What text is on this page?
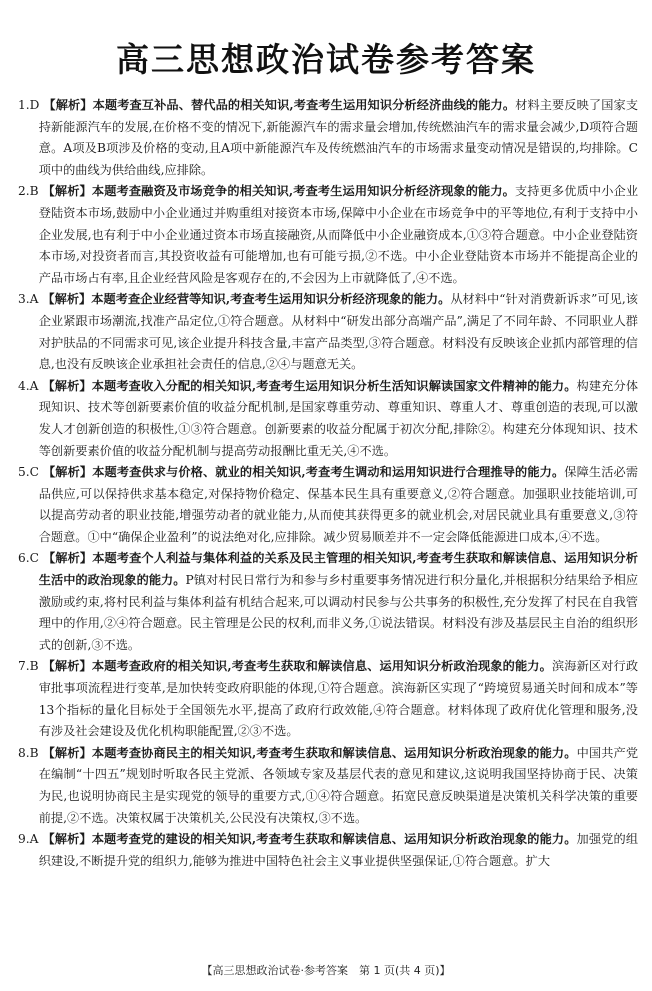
高三思想政治试卷参考答案

1.D 【解析】本题考查互补品、替代品的相关知识,考查考生运用知识分析经济曲线的能力。材料主要反映了国家支持新能源汽车的发展,在价格不变的情况下,新能源汽车的需求量会增加,传统燃油汽车的需求量会减少,D项符合题意。A项及B项涉及价格的变动,且A项中新能源汽车及传统燃油汽车的市场需求量变动情况是错误的,均排除。C项中的曲线为供给曲线,应排除。

2.B 【解析】本题考查融资及市场竞争的相关知识,考查考生运用知识分析经济现象的能力。支持更多优质中小企业登陆资本市场,鼓励中小企业通过并购重组对接资本市场,保障中小企业在市场竞争中的平等地位,有利于支持中小企业发展,也有利于中小企业通过资本市场直接融资,从而降低中小企业融资成本,①③符合题意。中小企业登陆资本市场,对投资者而言,其投资收益有可能增加,也有可能亏损,②不选。中小企业登陆资本市场并不能提高企业的产品市场占有率,且企业经营风险是客观存在的,不会因为上市就降低了,④不选。

3.A 【解析】本题考查企业经营等知识,考查考生运用知识分析经济现象的能力。从材料中“针对消费新诉求”可见,该企业紧跟市场潮流,找准产品定位,①符合题意。从材料中“研发出部分高端产品”,满足了不同年龄、不同职业人群对护肤品的不同需求可见,该企业提升科技含量,丰富产品类型,③符合题意。材料没有反映该企业抓内部管理的信息,也没有反映该企业承担社会责任的信息,②④与题意无关。

4.A 【解析】本题考查收入分配的相关知识,考查考生运用知识分析生活知识解读国家文件精神的能力。构建充分体现知识、技术等创新要素价值的收益分配机制,是国家尊重劳动、尊重知识、尊重人才、尊重创造的表现,可以激发人才创新创造的积极性,①③符合题意。创新要素的收益分配属于初次分配,排除②。构建充分体现知识、技术等创新要素价值的收益分配机制与提高劳动报酬比重无关,④不选。

5.C 【解析】本题考查供求与价格、就业的相关知识,考查考生调动和运用知识进行合理推导的能力。保障生活必需品供应,可以保持供求基本稳定,对保持物价稳定、保基本民生具有重要意义,②符合题意。加强职业技能培训,可以提高劳动者的职业技能,增强劳动者的就业能力,从而使其获得更多的就业机会,对居民就业具有重要意义,③符合题意。①中“确保企业盈利”的说法绝对化,应排除。减少贸易顺差并不一定会降低能源进口成本,④不选。

6.C 【解析】本题考查个人利益与集体利益的关系及民主管理的相关知识,考查考生获取和解读信息、运用知识分析生活中的政治现象的能力。P镇对村民日常行为和参与乡村重要事务情况进行积分量化,并根据积分结果给予相应激励或约束,将村民利益与集体利益有机结合起来,可以调动村民参与公共事务的积极性,充分发挥了村民在自我管理中的作用,②④符合题意。民主管理是公民的权利,而非义务,①说法错误。材料没有涉及基层民主自治的组织形式的创新,③不选。

7.B 【解析】本题考查政府的相关知识,考查考生获取和解读信息、运用知识分析政治现象的能力。滨海新区对行政审批事项流程进行变革,是加快转变政府职能的体现,①符合题意。滨海新区实现了“跨境贸易通关时间和成本”等13个指标的量化目标处于全国领先水平,提高了政府行政效能,④符合题意。材料体现了政府优化管理和服务,没有涉及社会建设及优化机构职能配置,②③不选。

8.B 【解析】本题考查协商民主的相关知识,考查考生获取和解读信息、运用知识分析政治现象的能力。中国共产党在编制“十四五”规划时听取各民主党派、各领域专家及基层代表的意见和建议,这说明我国坚持协商于民、决策为民,也说明协商民主是实现党的领导的重要方式,①④符合题意。拓宽民意反映渠道是决策机关科学决策的重要前提,②不选。决策权属于决策机关,公民没有决策权,③不选。

9.A 【解析】本题考查党的建设的相关知识,考查考生获取和解读信息、运用知识分析政治现象的能力。加强党的组织建设,不断提升党的组织力,能够为推进中国特色社会主义事业提供坚强保证,①符合题意。扩大

【高三思想政治试卷·参考答案　第 1 页(共 4 页)】
